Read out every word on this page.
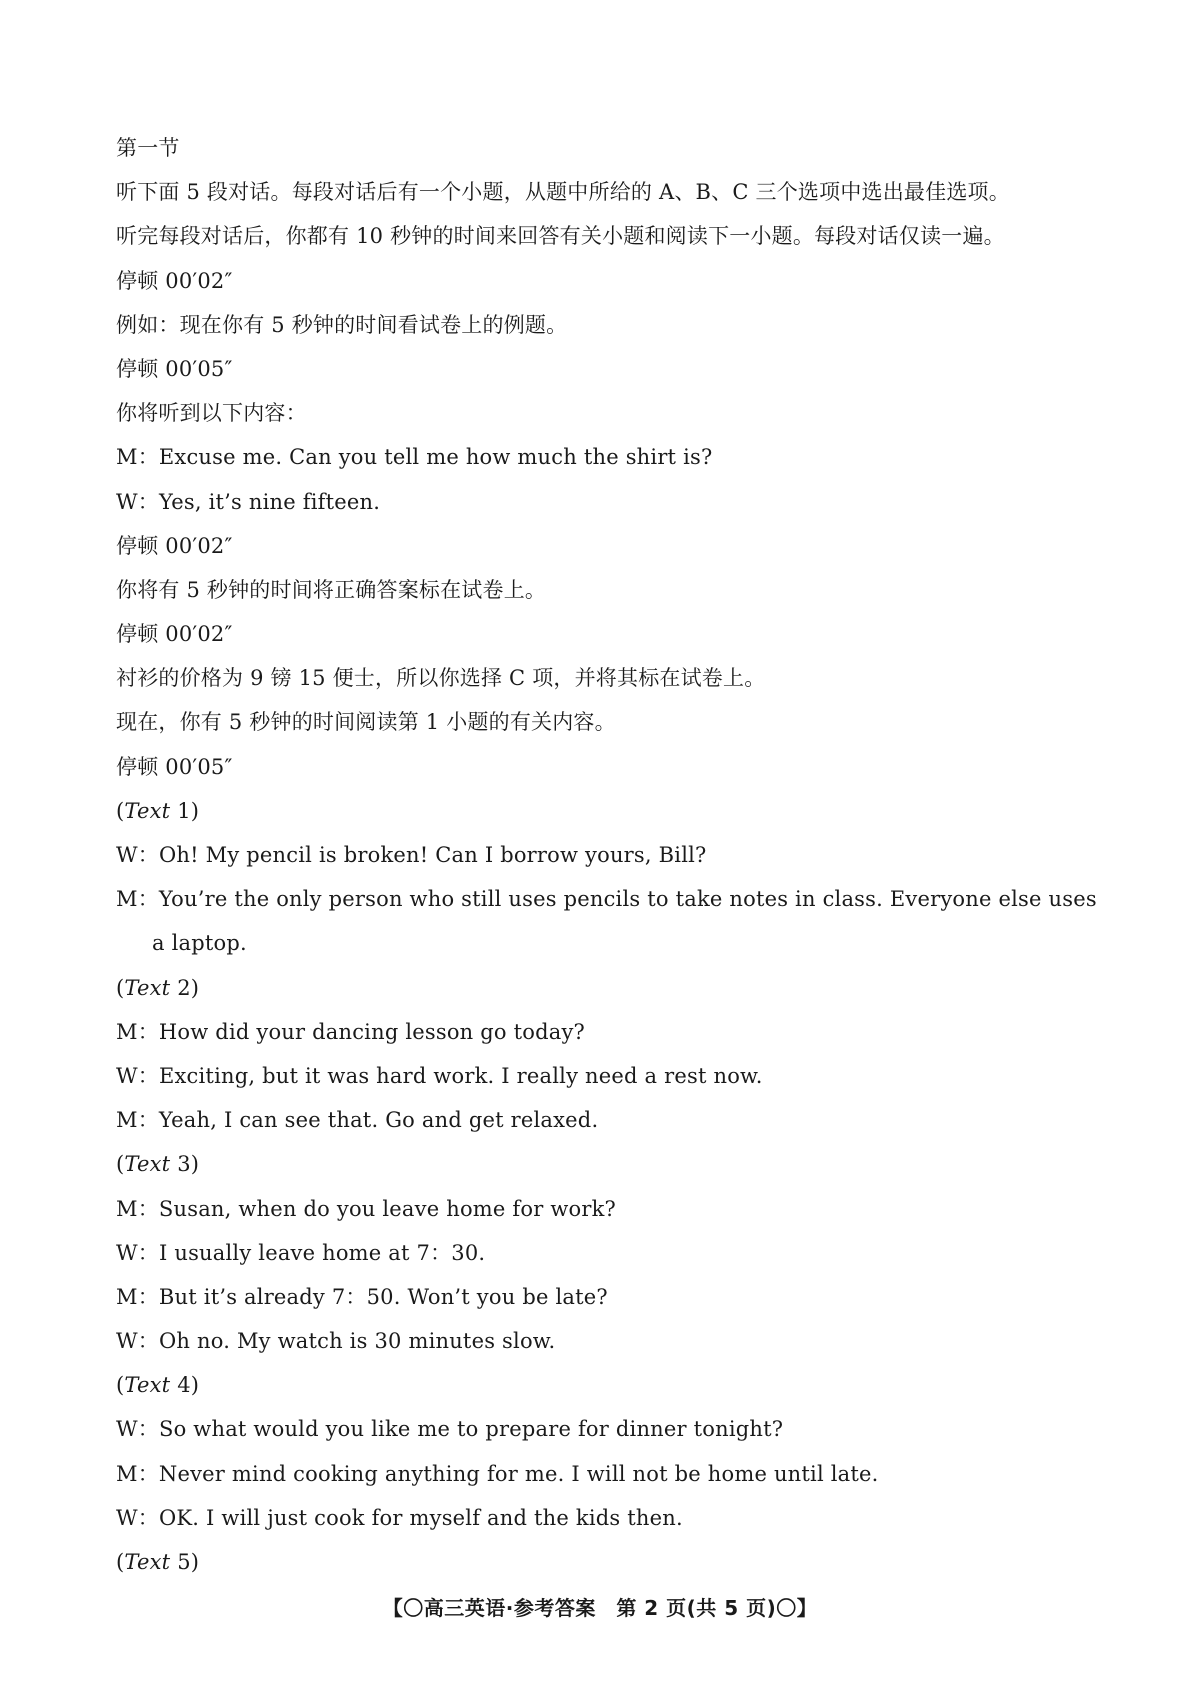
第一节
听下面 5 段对话。每段对话后有一个小题，从题中所给的 A、B、C 三个选项中选出最佳选项。
听完每段对话后，你都有 10 秒钟的时间来回答有关小题和阅读下一小题。每段对话仅读一遍。
停顿 00′02″
例如：现在你有 5 秒钟的时间看试卷上的例题。
停顿 00′05″
你将听到以下内容：
M：Excuse me. Can you tell me how much the shirt is?
W：Yes, it’s nine fifteen.
停顿 00′02″
你将有 5 秒钟的时间将正确答案标在试卷上。
停顿 00′02″
衬衫的价格为 9 镑 15 便士，所以你选择 C 项，并将其标在试卷上。
现在，你有 5 秒钟的时间阅读第 1 小题的有关内容。
停顿 00′05″
(Text 1)
W：Oh! My pencil is broken! Can I borrow yours, Bill?
M：You’re the only person who still uses pencils to take notes in class. Everyone else uses a laptop.
(Text 2)
M：How did your dancing lesson go today?
W：Exciting, but it was hard work. I really need a rest now.
M：Yeah, I can see that. Go and get relaxed.
(Text 3)
M：Susan, when do you leave home for work?
W：I usually leave home at 7：30.
M：But it’s already 7：50. Won’t you be late?
W：Oh no. My watch is 30 minutes slow.
(Text 4)
W：So what would you like me to prepare for dinner tonight?
M：Never mind cooking anything for me. I will not be home until late.
W：OK. I will just cook for myself and the kids then.
(Text 5)
【〇高三英语·参考答案　第 2 页(共 5 页)〇】
